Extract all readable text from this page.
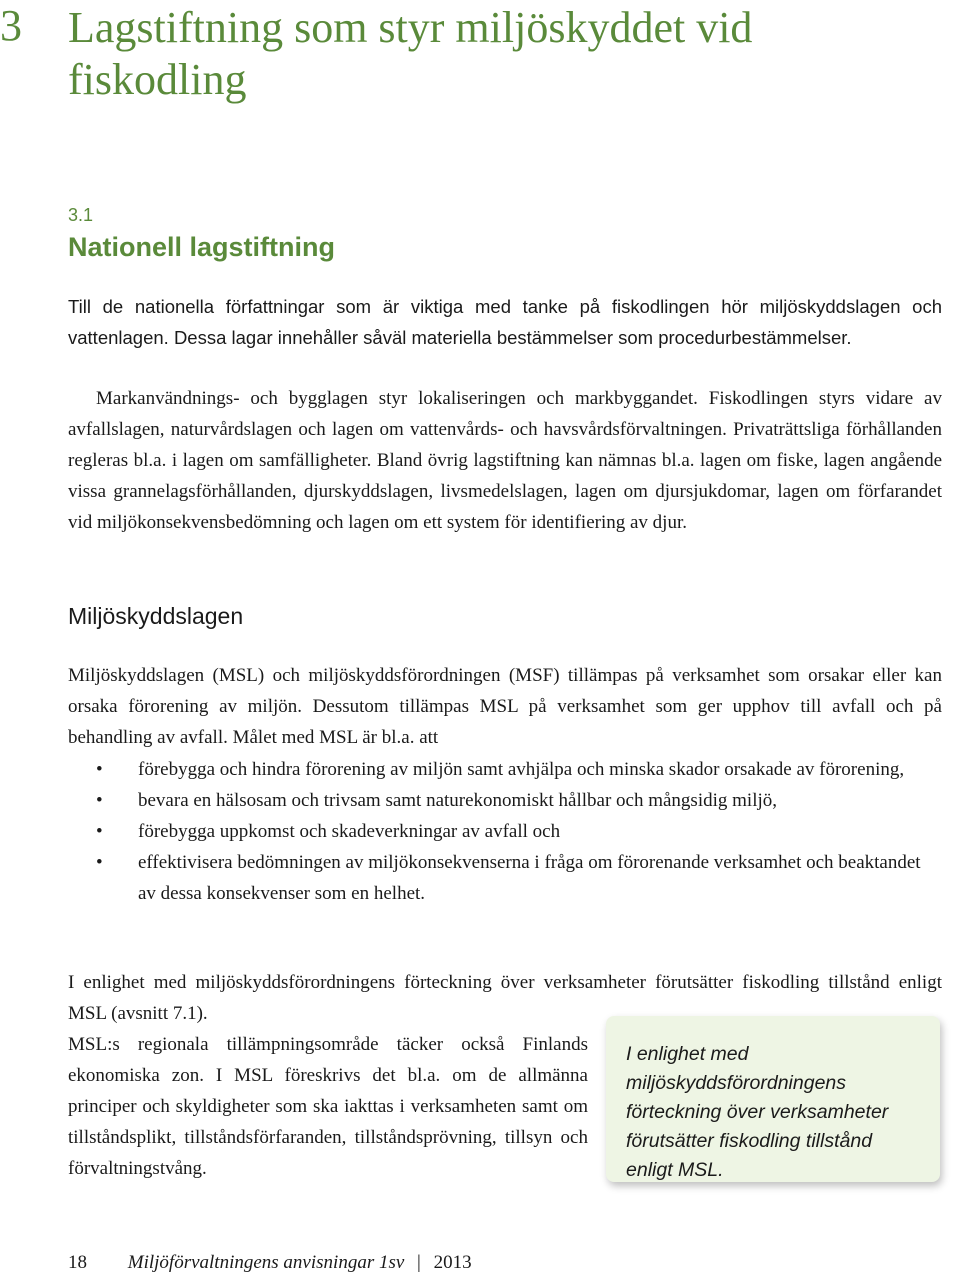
3 Lagstiftning som styr miljöskyddet vid fiskodling
3.1
Nationell lagstiftning

Till de nationella författningar som är viktiga med tanke på fiskodlingen hör miljöskyddslagen och vattenlagen. Dessa lagar innehåller såväl materiella bestämmelser som procedurbestämmelser.

Markanvändnings- och bygglagen styr lokaliseringen och markbyggandet. Fiskodlingen styrs vidare av avfallslagen, naturvårdslagen och lagen om vattenvårds- och havsvårdsförvaltningen. Privaträttsliga förhållanden regleras bl.a. i lagen om samfälligheter. Bland övrig lagstiftning kan nämnas bl.a. lagen om fiske, lagen angående vissa grannelagsförhållanden, djurskyddslagen, livsmedelslagen, lagen om djursjukdomar, lagen om förfarandet vid miljökonsekvensbedömning och lagen om ett system för identifiering av djur.

Miljöskyddslagen

Miljöskyddslagen (MSL) och miljöskyddsförordningen (MSF) tillämpas på verksamhet som orsakar eller kan orsaka förorening av miljön. Dessutom tillämpas MSL på verksamhet som ger upphov till avfall och på behandling av avfall. Målet med MSL är bl.a. att

• förebygga och hindra förorening av miljön samt avhjälpa och minska skador orsakade av förorening,
• bevara en hälsosam och trivsam samt naturekonomiskt hållbar och mångsidig miljö,
• förebygga uppkomst och skadeverkningar av avfall och
• effektivisera bedömningen av miljökonsekvenserna i fråga om förorenande verksamhet och beaktandet av dessa konsekvenser som en helhet.
I enlighet med miljöskyddsförordningens förteckning över verksamheter förutsätter fiskodling tillstånd enligt MSL (avsnitt 7.1).
MSL:s regionala tillämpningsområde täcker också Finlands ekonomiska zon. I MSL föreskrivs det bl.a. om de allmänna principer och skyldigheter som ska iakttas i verksamheten samt om tillståndsplikt, tillståndsförfaranden, tillståndsprövning, tillsyn och förvaltningstvång.
I enlighet med miljöskyddsförordningens förteckning över verksamheter förutsätter fiskodling tillstånd enligt MSL.
18 Miljöförvaltningens anvisningar 1sv | 2013
